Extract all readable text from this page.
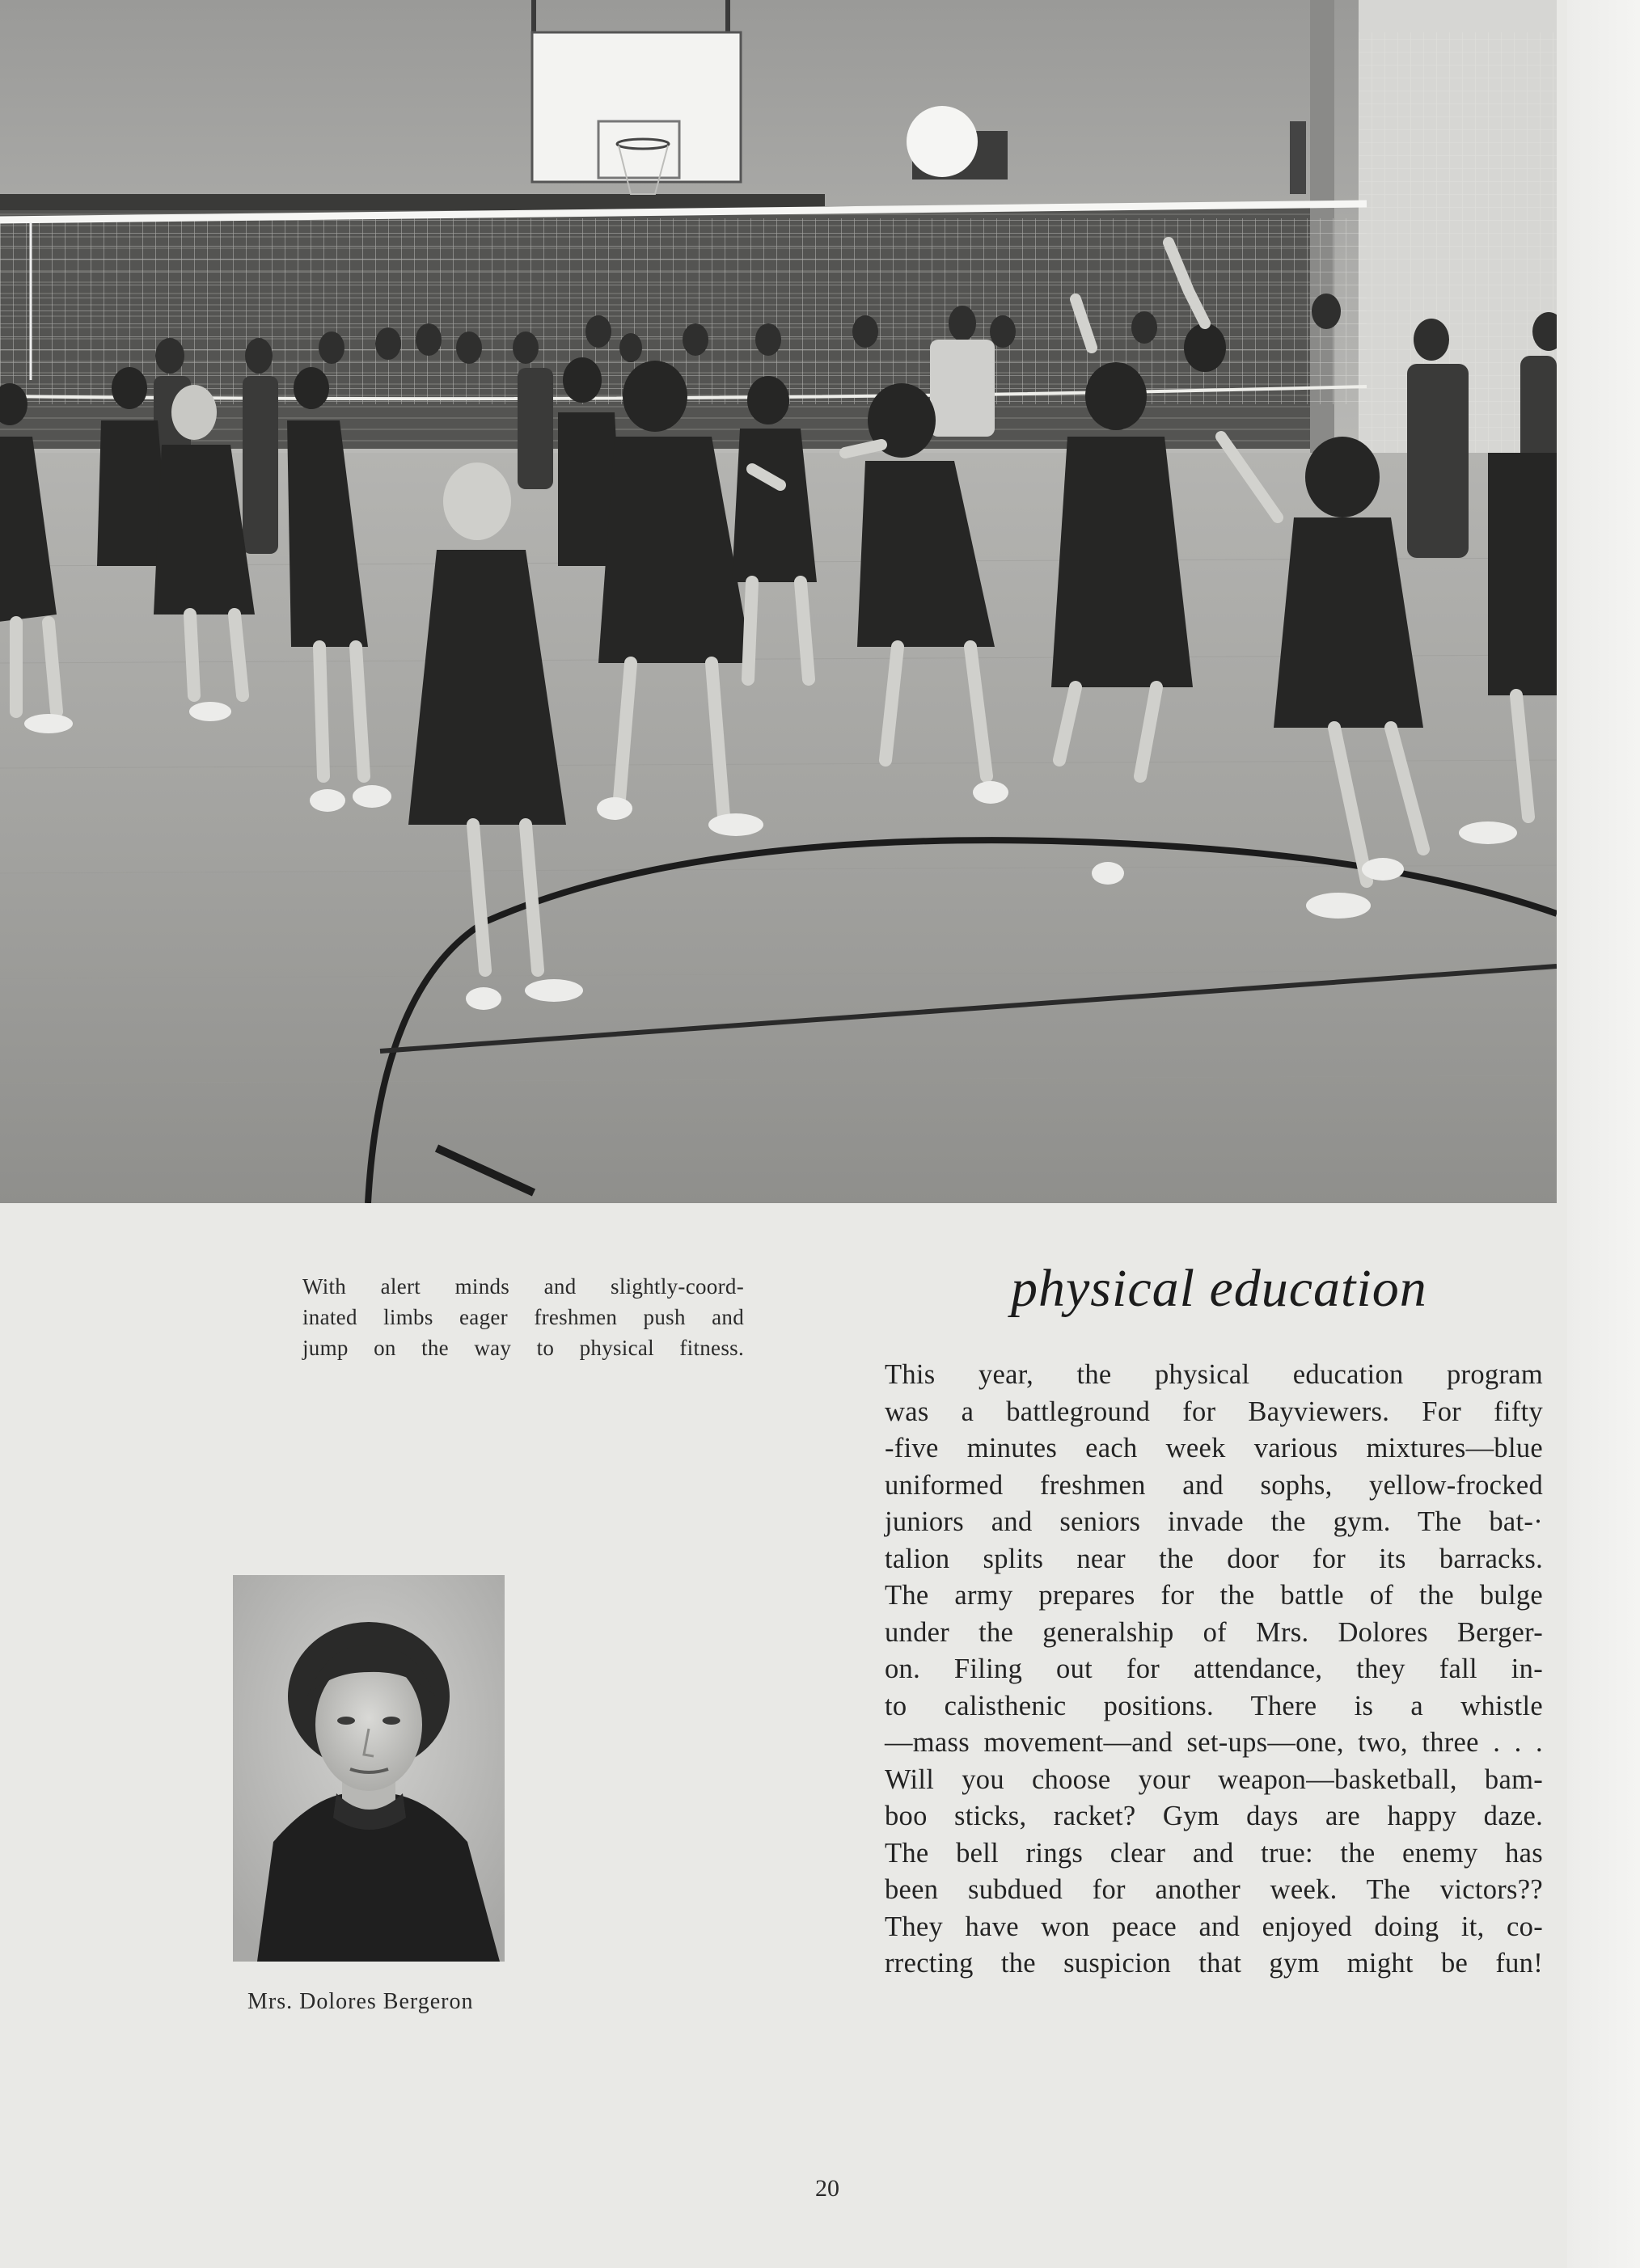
With alert minds and slightly-coord-
inated limbs eager freshmen push and
jump on the way to physical fitness.
physical education
This year, the physical education program
was a battleground for Bayviewers. For fifty
-five minutes each week various mixtures—blue
uniformed freshmen and sophs, yellow-frocked
juniors and seniors invade the gym. The bat-·
talion splits near the door for its barracks.
The army prepares for the battle of the bulge
under the generalship of Mrs. Dolores Berger-
on. Filing out for attendance, they fall in-
to calisthenic positions. There is a whistle
—mass movement—and set-ups—one, two, three . . .
Will you choose your weapon—basketball, bam-
boo sticks, racket? Gym days are happy daze.
The bell rings clear and true: the enemy has
been subdued for another week. The victors??
They have won peace and enjoyed doing it, co-
rrecting the suspicion that gym might be fun!
Mrs. Dolores Bergeron
20
